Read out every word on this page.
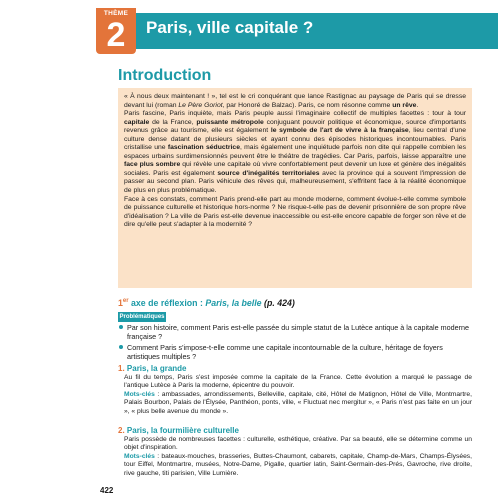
THÈME
2	Paris, ville capitale ?
Introduction

« À nous deux maintenant ! », tel est le cri conquérant que lance Rastignac au paysage de Paris qui se dresse devant lui (roman Le Père Goriot, par Honoré de Balzac). Paris, ce nom résonne comme un rêve.

Paris fascine, Paris inquiète, mais Paris peuple aussi l'imaginaire collectif de multiples facettes : tour à tour capitale de la France, puissante métropole conjuguant pouvoir politique et économique, source d'importants revenus grâce au tourisme, elle est également le symbole de l'art de vivre à la française, lieu central d'une culture dense datant de plusieurs siècles et ayant connu des épisodes historiques incontournables. Paris cristallise une fascination séductrice, mais également une inquiétude parfois non dite qui rappelle combien les espaces urbains surdimensionnés peuvent être le théâtre de tragédies. Car Paris, parfois, laisse apparaître une face plus sombre qui révèle une capitale où vivre confortablement peut devenir un luxe et génère des inégalités sociales. Paris est également source d'inégalités territoriales avec la province qui a souvent l'impression de passer au second plan. Paris véhicule des rêves qui, malheureusement, s'effritent face à la réalité économique de plus en plus problématique.

Face à ces constats, comment Paris prend-elle part au monde moderne, comment évolue-t-elle comme symbole de puissance culturelle et historique hors-norme ? Ne risque-t-elle pas de devenir prisonnière de son propre rêve d'idéalisation ? La ville de Paris est-elle devenue inaccessible ou est-elle encore capable de forger son rêve et de dire qu'elle peut s'adapter à la modernité ?

1er axe de réflexion : Paris, la belle (p. 424)
Problématiques
Par son histoire, comment Paris est-elle passée du simple statut de la Lutèce antique à la capitale moderne française ?
Comment Paris s'impose-t-elle comme une capitale incontournable de la culture, héritage de foyers artistiques multiples ?
1. Paris, la grande

Au fil du temps, Paris s'est imposée comme la capitale de la France. Cette évolution a marqué le passage de l'antique Lutèce à Paris la moderne, épicentre du pouvoir.
Mots-clés : ambassades, arrondissements, Belleville, capitale, cité, Hôtel de Matignon, Hôtel de Ville, Montmartre, Palais Bourbon, Palais de l'Élysée, Panthéon, ponts, ville, « Fluctuat nec mergitur », « Paris n'est pas faite en un jour », « plus belle avenue du monde ».

2. Paris, la fourmilière culturelle

Paris possède de nombreuses facettes : culturelle, esthétique, créative. Par sa beauté, elle se détermine comme un objet d'inspiration.
Mots-clés : bateaux-mouches, brasseries, Buttes-Chaumont, cabarets, capitale, Champ-de-Mars, Champs-Élysées, tour Eiffel, Montmartre, musées, Notre-Dame, Pigalle, quartier latin, Saint-Germain-des-Prés, Gavroche, rive droite, rive gauche, titi parisien, Ville Lumière.

422
